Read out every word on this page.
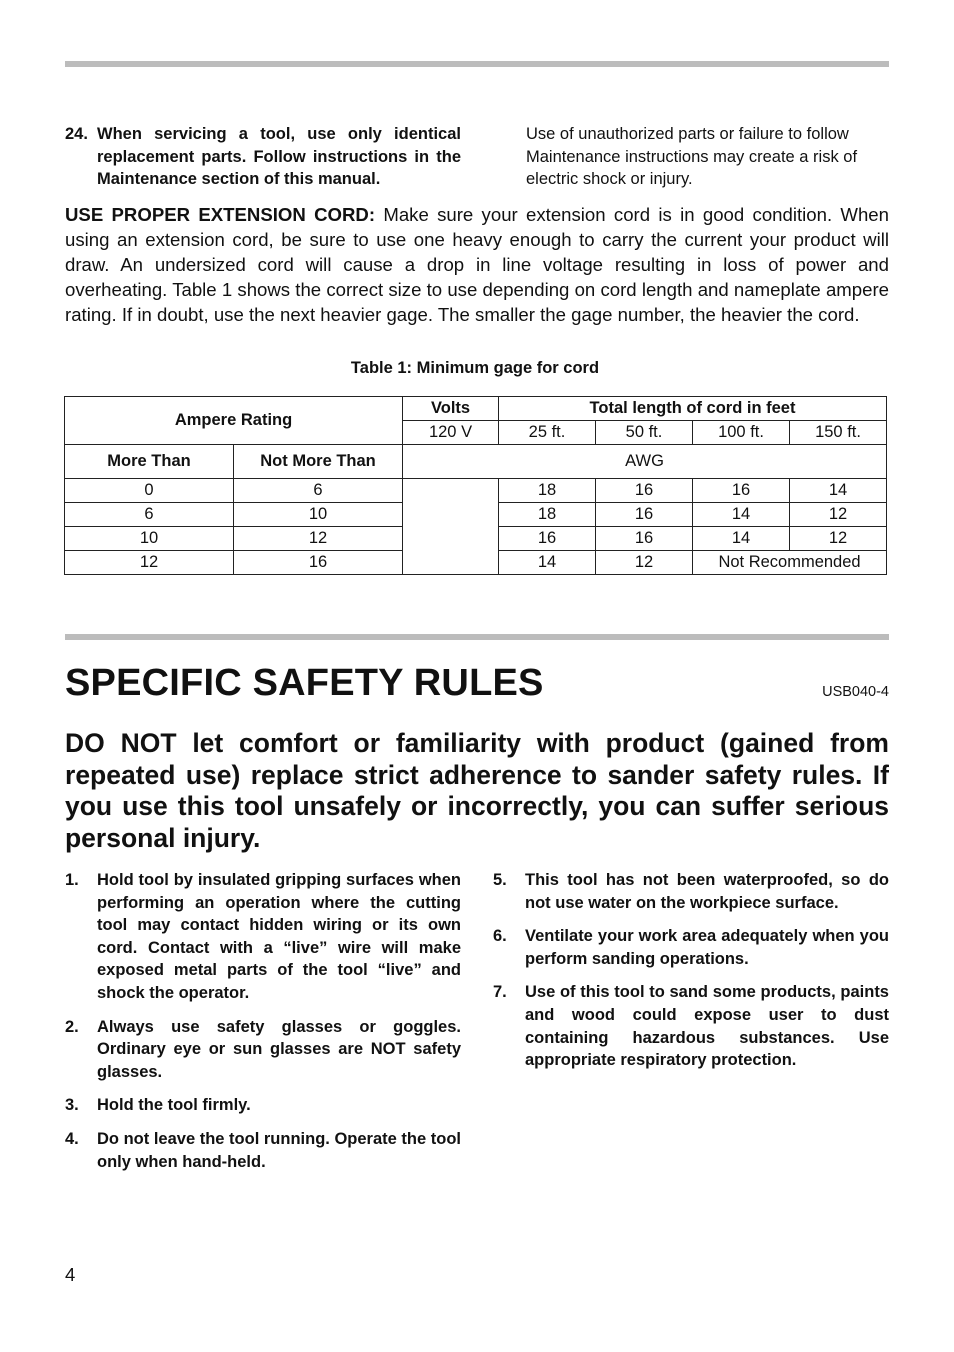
24. When servicing a tool, use only identical replacement parts. Follow instructions in the Maintenance section of this manual.
Use of unauthorized parts or failure to follow Maintenance instructions may create a risk of electric shock or injury.
USE PROPER EXTENSION CORD: Make sure your extension cord is in good condition. When using an extension cord, be sure to use one heavy enough to carry the current your product will draw. An undersized cord will cause a drop in line voltage resulting in loss of power and overheating. Table 1 shows the correct size to use depending on cord length and nameplate ampere rating. If in doubt, use the next heavier gage. The smaller the gage number, the heavier the cord.
Table 1: Minimum gage for cord
Ampere Rating		Volts	Total length of cord in feet			
		120 V	25 ft.	50 ft.	100 ft.	150 ft.
More Than	Not More Than	AWG				
0	6		18	16	16	14
6	10		18	16	14	12
10	12		16	16	14	12
12	16		14	12	Not Recommended	
SPECIFIC SAFETY RULES	USB040-4
DO NOT let comfort or familiarity with product (gained from repeated use) replace strict adherence to sander safety rules. If you use this tool unsafely or incorrectly, you can suffer serious personal injury.
1. Hold tool by insulated gripping surfaces when performing an operation where the cutting tool may contact hidden wiring or its own cord. Contact with a “live” wire will make exposed metal parts of the tool “live” and shock the operator.
2. Always use safety glasses or goggles. Ordinary eye or sun glasses are NOT safety glasses.
3. Hold the tool firmly.
4. Do not leave the tool running. Operate the tool only when hand-held.
5. This tool has not been waterproofed, so do not use water on the workpiece surface.
6. Ventilate your work area adequately when you perform sanding operations.
7. Use of this tool to sand some products, paints and wood could expose user to dust containing hazardous substances. Use appropriate respiratory protection.
4
